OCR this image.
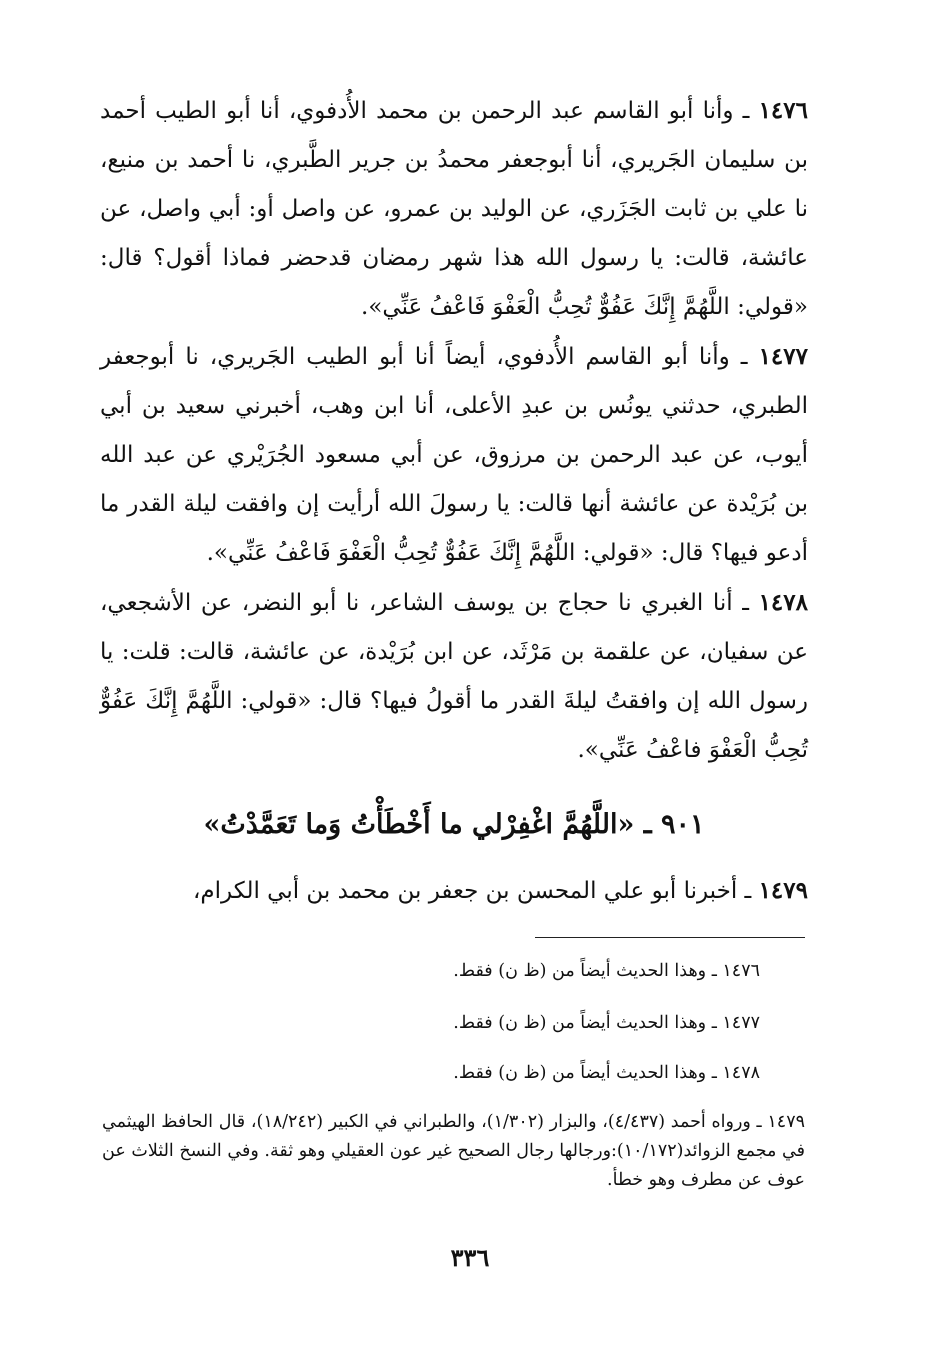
١٤٧٦ ـ وأنا أبو القاسم عبد الرحمن بن محمد الأُدفوي، أنا أبو الطيب أحمد بن سليمان الجَريري، أنا أبوجعفر محمدُ بن جرير الطَّبري، نا أحمد بن منيع، نا علي بن ثابت الجَزَري، عن الوليد بن عمرو، عن واصل أو: أبي واصل، عن عائشة، قالت: يا رسول الله هذا شهر رمضان قدحضر فماذا أقول؟ قال: «قولي: اللَّهُمَّ إِنَّكَ عَفُوٌّ تُحِبُّ الْعَفْوَ فَاعْفُ عَنِّي».

١٤٧٧ ـ وأنا أبو القاسم الأُدفوي، أيضاً أنا أبو الطيب الجَريري، نا أبوجعفر الطبري، حدثني يونُس بن عبدِ الأعلى، أنا ابن وهب، أخبرني سعيد بن أبي أيوب، عن عبد الرحمن بن مرزوق، عن أبي مسعود الجُرَيْري عن عبد الله بن بُرَيْدة عن عائشة أنها قالت: يا رسولَ الله أرأيت إن وافقت ليلة القدر ما أدعو فيها؟ قال: «قولي: اللَّهُمَّ إِنَّكَ عَفُوٌّ تُحِبُّ الْعَفْوَ فَاعْفُ عَنِّي».

١٤٧٨ ـ أنا الغبري نا حجاج بن يوسف الشاعر، نا أبو النضر، عن الأشجعي، عن سفيان، عن علقمة بن مَرْثَد، عن ابن بُرَيْدة، عن عائشة، قالت: قلت: يا رسول الله إن وافقتُ ليلةَ القدر ما أقولُ فيها؟ قال: «قولي: اللَّهُمَّ إِنَّكَ عَفُوٌّ تُحِبُّ الْعَفْوَ فاعْفُ عَنِّي».

٩٠١ ـ «اللَّهُمَّ اغْفِرْلي ما أَخْطَأْتُ وَما تَعَمَّدْتُ»

١٤٧٩ ـ أخبرنا أبو علي المحسن بن جعفر بن محمد بن أبي الكرام،

١٤٧٦ ـ وهذا الحديث أيضاً من (ظ ن) فقط.
١٤٧٧ ـ وهذا الحديث أيضاً من (ظ ن) فقط.
١٤٧٨ ـ وهذا الحديث أيضاً من (ظ ن) فقط.
١٤٧٩ ـ ورواه أحمد (٤/٤٣٧)، والبزار (١/٣٠٢)، والطبراني في الكبير (١٨/٢٤٢)، قال الحافظ الهيثمي في مجمع الزوائد(١٠/١٧٢):ورجالها رجال الصحيح غير عون العقيلي وهو ثقة. وفي النسخ الثلاث عن عوف عن مطرف وهو خطأ.
٣٣٦
